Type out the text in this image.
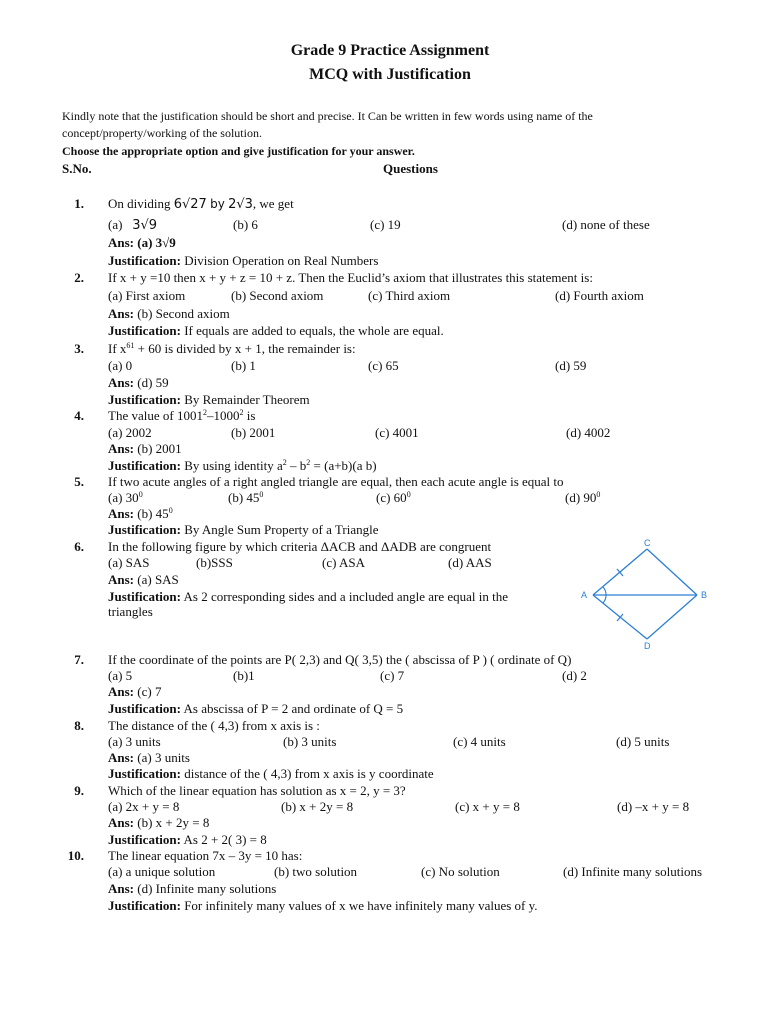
Grade 9 Practice Assignment
MCQ with Justification
Kindly note that the justification should be short and precise. It Can be written in few words using name of the
concept/property/working of the solution.
Choose the appropriate option and give justification for your answer.
S.No.	Questions
1. On dividing 6√27 by 2√3, we get
(a) 3√9	(b) 6	(c) 19	(d) none of these
Ans: (a) 3√9
Justification: Division Operation on Real Numbers
2. If x + y =10 then x + y + z = 10 + z. Then the Euclid’s axiom that illustrates this statement is:
(a) First axiom	(b) Second axiom	(c) Third axiom	(d) Fourth axiom
Ans: (b) Second axiom
Justification: If equals are added to equals, the whole are equal.
3. If $x^{61} + 60$ is divided by x + 1, the remainder is:
(a) 0	(b) 1	(c) 65	(d) 59
Ans: (d) 59
Justification: By Remainder Theorem
4. The value of 1001$^2$–1000$^2$ is
(a) 2002	(b) 2001	(c) 4001	(d) 4002
Ans: (b) 2001
Justification: By using identity $a^2 - b^2 = (a+b)(a$ b)
5. If two acute angles of a right angled triangle are equal, then each acute angle is equal to
(a) $30^0$	(b) $45^0$	(c) $60^0$	(d) $90^0$
Ans: (b) $45^0$
Justification: By Angle Sum Property of a Triangle
6. In the following figure by which criteria ΔACB and ΔADB are congruent
(a) SAS	(b)SSS	(c) ASA	(d) AAS
Ans: (a) SAS
Justification: As 2 corresponding sides and a included angle are equal in the
triangles
C
A	B
D
7. If the coordinate of the points are P( 2,3) and Q( 3,5) the ( abscissa of P ) ( ordinate of Q)
(a) 5	(b)1	(c) 7	(d) 2
Ans: (c) 7
Justification: As abscissa of P = 2 and ordinate of Q = 5
8. The distance of the ( 4,3) from x axis is :
(a) 3 units	(b) 3 units	(c) 4 units	(d) 5 units
Ans: (a) 3 units
Justification: distance of the ( 4,3) from x axis is y coordinate
9. Which of the linear equation has solution as x = 2, y = 3?
(a) 2x + y = 8	(b) x + 2y = 8	(c) x + y = 8	(d) –x + y = 8
Ans: (b) x + 2y = 8
Justification: As 2 + 2( 3) = 8
10. The linear equation 7x – 3y = 10 has:
(a) a unique solution	(b) two solution	(c) No solution	(d) Infinite many solutions
Ans: (d) Infinite many solutions
Justification: For infinitely many values of x we have infinitely many values of y.
